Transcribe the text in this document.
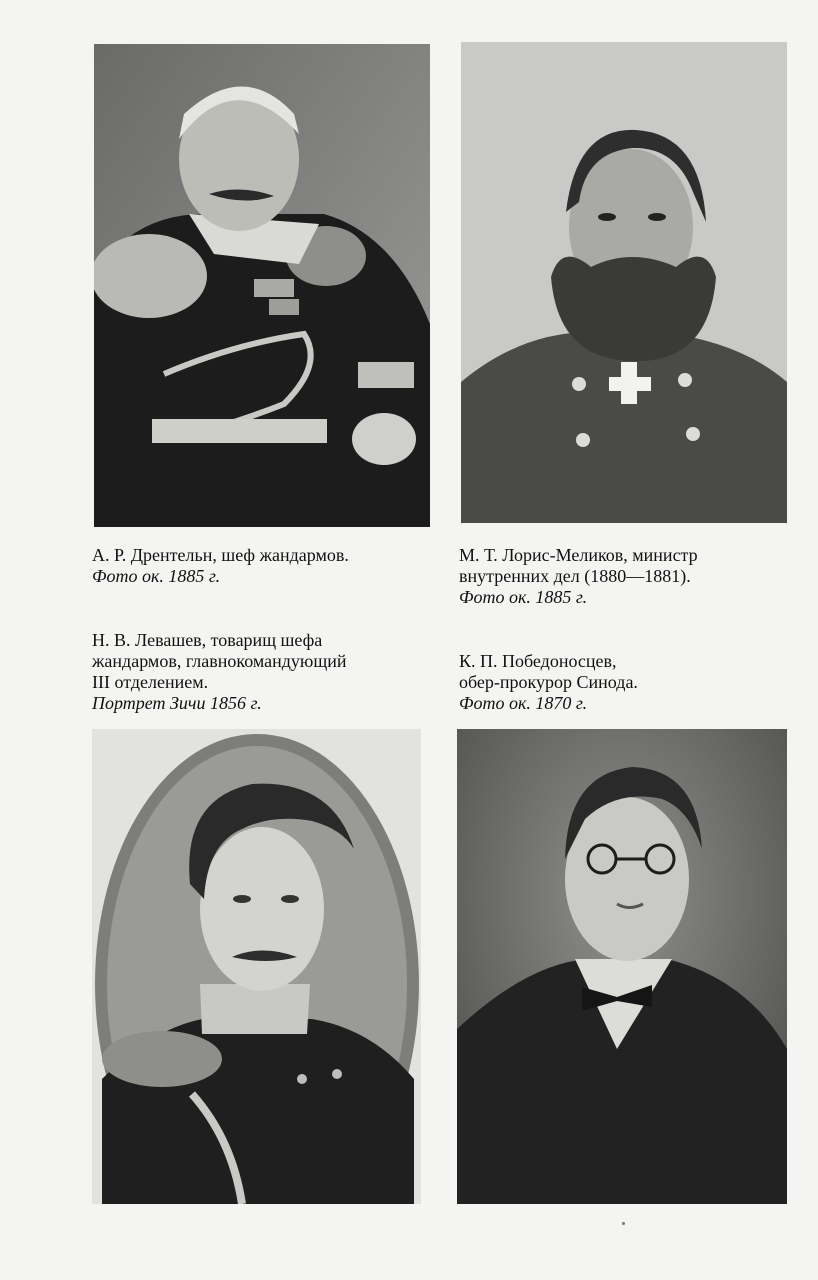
А. Р. Дрентельн, шеф жандармов.
Фото ок. 1885 г.
М. Т. Лорис-Меликов, министр
внутренних дел (1880—1881).
Фото ок. 1885 г.
Н. В. Левашев, товарищ шефа
жандармов, главнокомандующий
III отделением.
Портрет Зичи 1856 г.
К. П. Победоносцев,
обер-прокурор Синода.
Фото ок. 1870 г.
